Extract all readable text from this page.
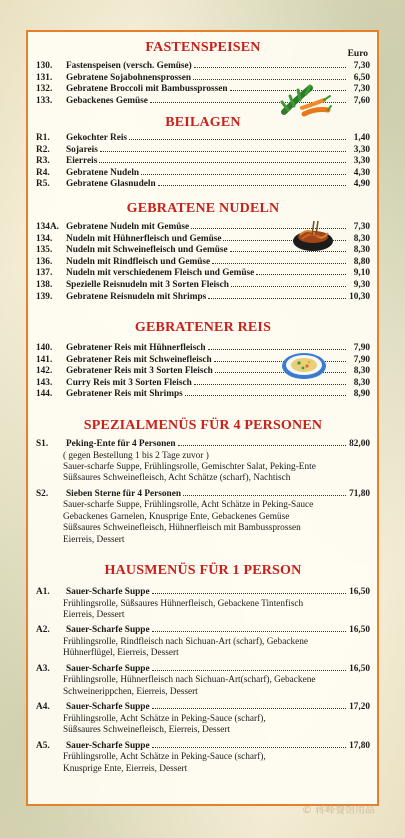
Euro
FASTENSPEISEN
130.	Fastenspeisen (versch. Gemüse)	7,30
131.	Gebratene Sojabohnensprossen	6,50
132.	Gebratene Broccoli mit Bambussprossen	7,30
133.	Gebackenes Gemüse	7,60
BEILAGEN
R1.	Gekochter Reis	1,40
R2.	Sojareis	3,30
R3.	Eierreis	3,30
R4.	Gebratene Nudeln	4,30
R5.	Gebratene Glasnudeln	4,90
GEBRATENE NUDELN
134A. Gebratene Nudeln mit Gemüse	7,30
134.	Nudeln mit Hühnerfleisch und Gemüse	8,30
135.	Nudeln mit Schweinefleisch und Gemüse	8,30
136.	Nudeln mit Rindfleisch und Gemüse	8,80
137.	Nudeln mit verschiedenem Fleisch und Gemüse	9,10
138.	Spezielle Reisnudeln mit 3 Sorten Fleisch	9,30
139.	Gebratene Reisnudeln mit Shrimps	10,30
GEBRATENER REIS
140.	Gebratener Reis mit Hühnerfleisch	7,90
141.	Gebratener Reis mit Schweinefleisch	7,90
142.	Gebratener Reis mit 3 Sorten Fleisch	8,30
143.	Curry Reis mit 3 Sorten Fleisch	8,30
144.	Gebratener Reis mit Shrimps	8,90
SPEZIALMENÜS FÜR 4 PERSONEN
S1.	Peking-Ente für 4 Personen	82,00
( gegen Bestellung 1 bis 2 Tage zuvor )
Sauer-scharfe Suppe, Frühlingsrolle, Gemischter Salat, Peking-Ente
Süßsaures Schweinefleisch, Acht Schätze (scharf), Nachtisch
S2.	Sieben Sterne für 4 Personen	71,80
Sauer-scharfe Suppe, Frühlingsrolle, Acht Schätze in Peking-Sauce
Gebackenes Garnelen, Knusprige Ente, Gebackenes Gemüse
Süßsaures Schweinefleisch, Hühnerfleisch mit Bambussprossen
Eierreis, Dessert
HAUSMENÜS FÜR 1 PERSON
A1.	Sauer-Scharfe Suppe	16,50
Frühlingsrolle, Süßsaures Hühnerfleisch, Gebackene Tintenfisch
Eierreis, Dessert
A2.	Sauer-Scharfe Suppe	16,50
Frühlingsrolle, Rindfleisch nach Sichuan-Art (scharf), Gebackene
Hühnerflügel, Eierreis, Dessert
A3.	Sauer-Scharfe Suppe	16,50
Frühlingsrolle, Hühnerfleisch nach Sichuan-Art(scharf), Gebackene
Schweinerippchen, Eierreis, Dessert
A4.	Sauer-Scharfe Suppe	17,20
Frühlingsrolle, Acht Schätze in Peking-Sauce (scharf),
Süßsaures Schweinefleisch, Eierreis, Dessert
A5.	Sauer-Scharfe Suppe	17,80
Frühlingsrolle, Acht Schätze in Peking-Sauce (scharf),
Knusprige Ente, Eierreis, Dessert
© 蒋峰餐馆用品
